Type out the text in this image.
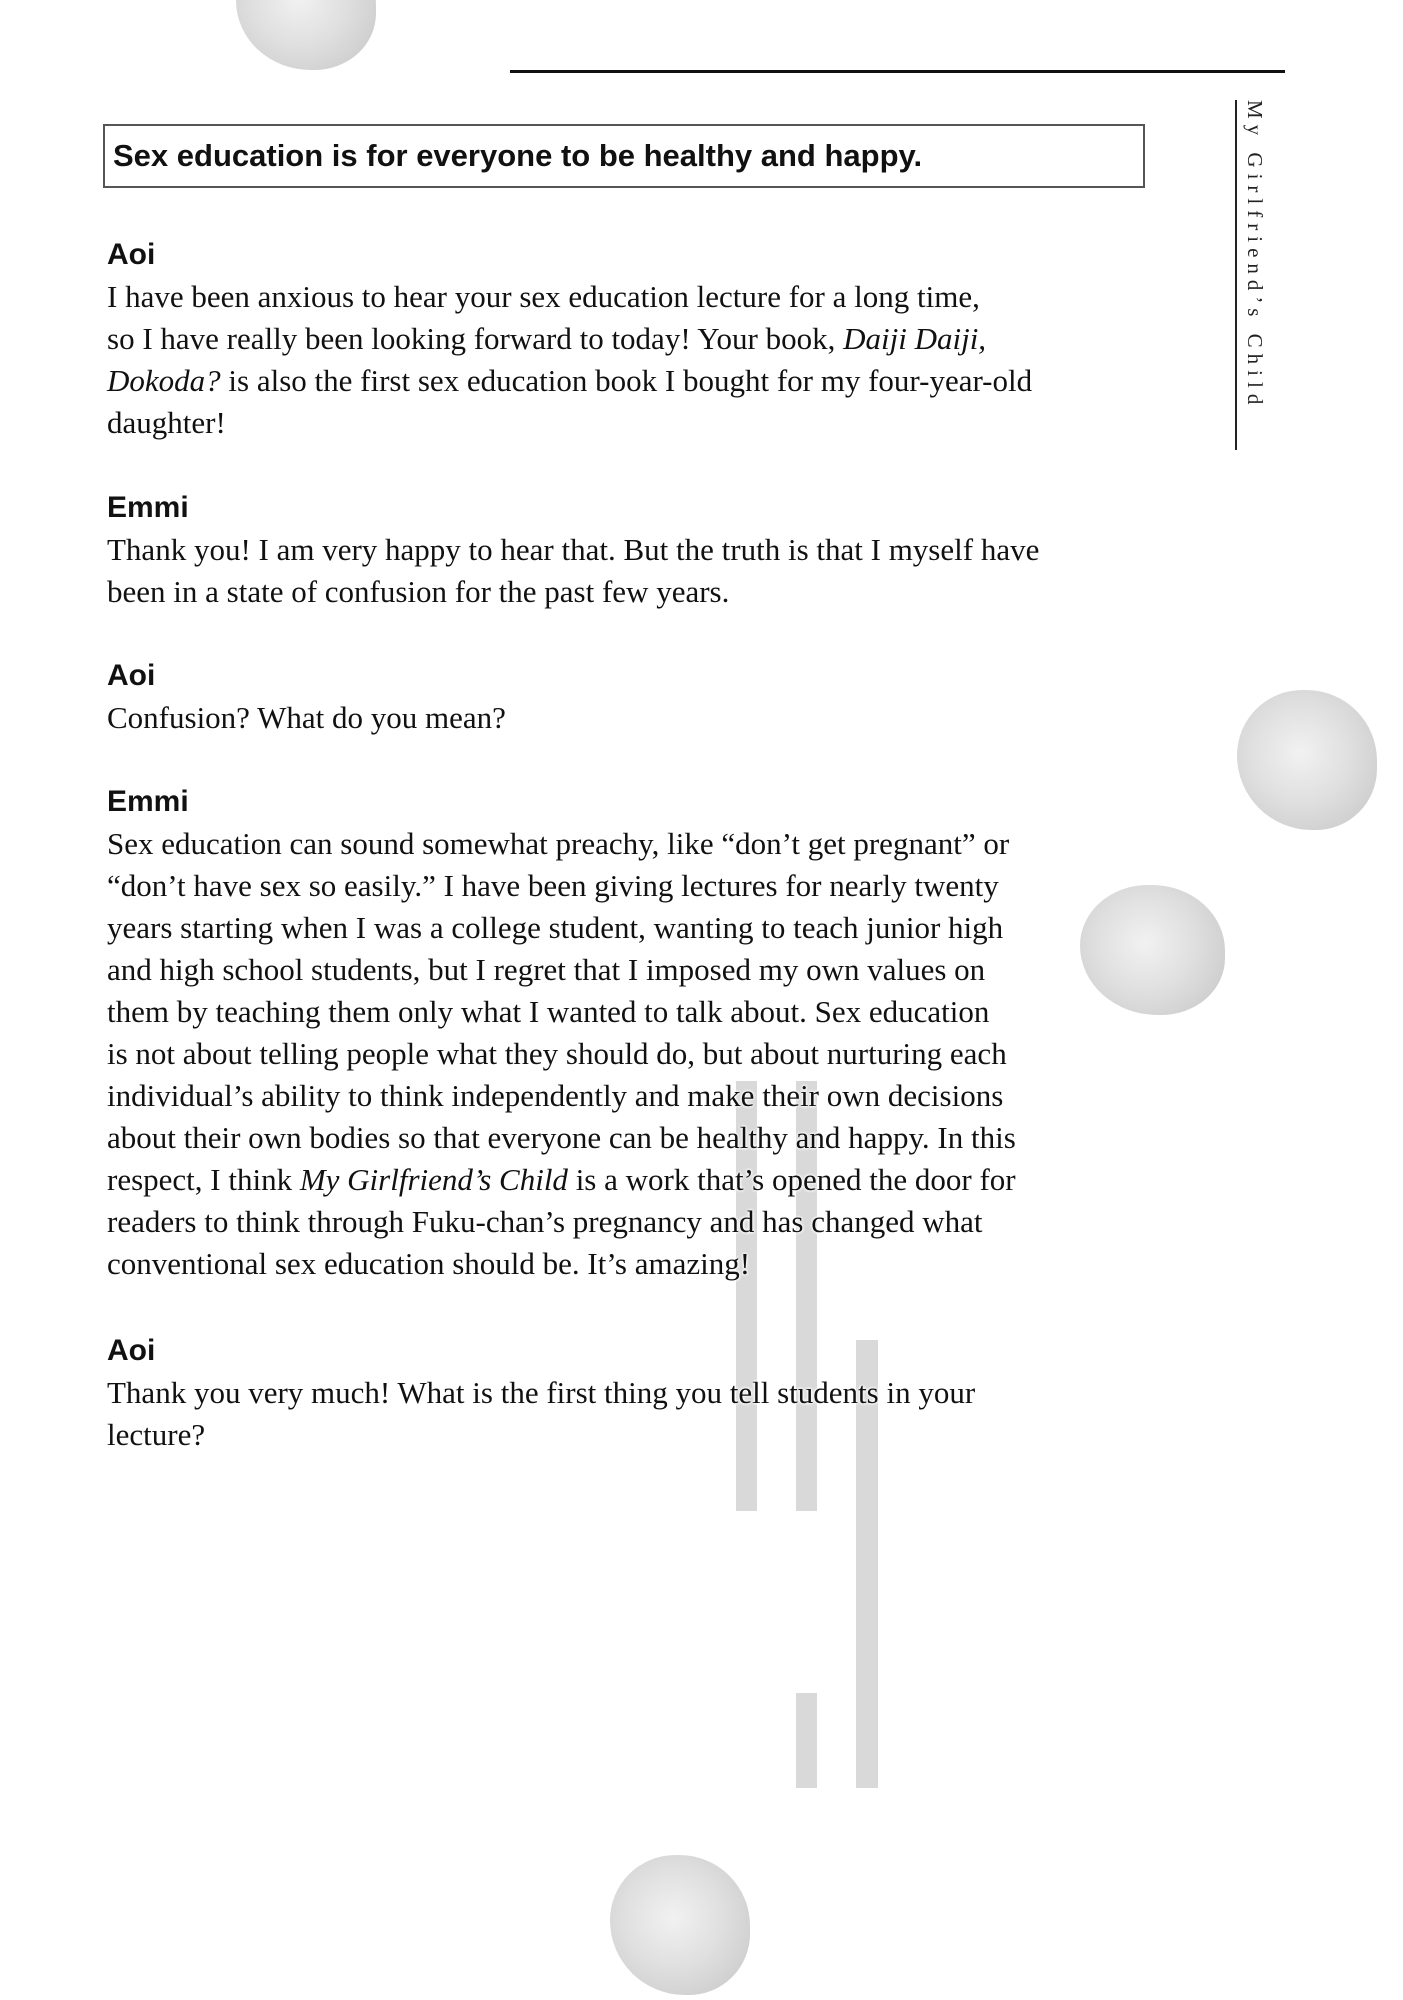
My Girlfriend’s Child
Sex education is for everyone to be healthy and happy.
Aoi
I have been anxious to hear your sex education lecture for a long time,
so I have really been looking forward to today! Your book, Daiji Daiji,
Dokoda? is also the first sex education book I bought for my four-year-old
daughter!
Emmi
Thank you! I am very happy to hear that. But the truth is that I myself have
been in a state of confusion for the past few years.
Aoi
Confusion? What do you mean?
Emmi
Sex education can sound somewhat preachy, like “don’t get pregnant” or
“don’t have sex so easily.” I have been giving lectures for nearly twenty
years starting when I was a college student, wanting to teach junior high
and high school students, but I regret that I imposed my own values on
them by teaching them only what I wanted to talk about. Sex education
is not about telling people what they should do, but about nurturing each
individual’s ability to think independently and make their own decisions
about their own bodies so that everyone can be healthy and happy. In this
respect, I think My Girlfriend’s Child is a work that’s opened the door for
readers to think through Fuku-chan’s pregnancy and has changed what
conventional sex education should be. It’s amazing!
Aoi
Thank you very much! What is the first thing you tell students in your
lecture?
